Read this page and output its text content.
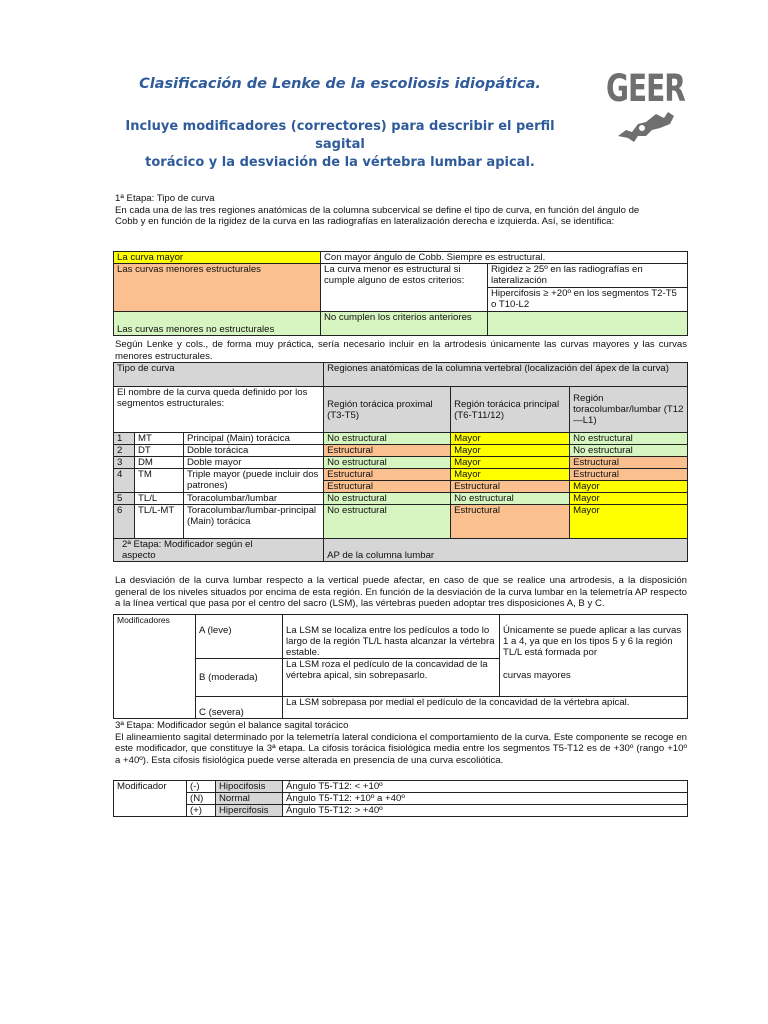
Clasificación de Lenke de la escoliosis idiopática.
Incluye modificadores (correctores) para describir el perfil sagital
torácico y la desviación de la vértebra lumbar apical.
GEER
1ª Etapa: Tipo de curva
En cada una de las tres regiones anatómicas de la columna subcervical se define el tipo de curva, en función del ángulo de
Cobb y en función de la rigidez de la curva en las radiografías en lateralización derecha e izquierda. Así, se identifica:
La curva mayor	Con mayor ángulo de Cobb. Siempre es estructural.	
Las curvas menores estructurales	La curva menor es estructural si cumple alguno de estos criterios:	Rigidez ≥ 25º en las radiografías en lateralización
		Hipercifosis ≥ +20º en los segmentos T2-T5 o T10-L2
Las curvas menores no estructurales	No cumplen los criterios anteriores	
Según Lenke y cols., de forma muy práctica, sería necesario incluir en la artrodesis únicamente las curvas mayores y las curvas menores estructurales.
Tipo de curva			Regiones anatómicas de la columna vertebral (localización del ápex de la curva)		
El nombre de la curva queda definido por los segmentos estructurales:			Región torácica proximal (T3-T5)	Región torácica principal (T6-T11/12)	Región toracolumbar/lumbar (T12—L1)
1	MT	Principal (Main) torácica	No estructural	Mayor	No estructural
2	DT	Doble torácica	Estructural	Mayor	No estructural
3	DM	Doble mayor	No estructural	Mayor	Estructural
4	TM	Triple mayor (puede incluir dos patrones)	Estructural	Mayor	Estructural
			Estructural	Estructural	Mayor
5	TL/L	Toracolumbar/lumbar	No estructural	No estructural	Mayor
6	TL/L-MT	Toracolumbar/lumbar-principal (Main) torácica	No estructural	Estructural	Mayor

2ª Etapa: Modificador según el
aspecto			AP de la columna lumbar		
La desviación de la curva lumbar respecto a la vertical puede afectar, en caso de que se realice una artrodesis, a la disposición general de los niveles situados por encima de esta región. En función de la desviación de la curva lumbar en la telemetría AP respecto a la línea vertical que pasa por el centro del sacro (LSM), las vértebras pueden adoptar tres disposiciones A, B y C.
Modificadores	A (leve)	La LSM se localiza entre los pedículos a todo lo largo de la región TL/L hasta alcanzar la vértebra estable.	Únicamente se puede aplicar a las curvas 1 a 4, ya que en los tipos 5 y 6 la región TL/L está formada por
curvas mayores

	B (moderada)	La LSM roza el pedículo de la concavidad de la vértebra apical, sin sobrepasarlo.	
	C (severa)	La LSM sobrepasa por medial el pedículo de la concavidad de la vértebra apical.	
3ª Etapa: Modificador según el balance sagital torácico
El alineamiento sagital determinado por la telemetría lateral condiciona el comportamiento de la curva. Este componente se recoge en este modificador, que constituye la 3ª etapa. La cifosis torácica fisiológica media entre los segmentos T5-T12 es de +30º (rango +10º a +40º). Esta cifosis fisiológica puede verse alterada en presencia de una curva escoliótica.
Modificador	(-)	Hipocifosis	Ángulo T5-T12: < +10º
	(N)	Normal	Ángulo T5-T12: +10º a +40º
	(+)	Hipercifosis	Ángulo T5-T12: > +40º
